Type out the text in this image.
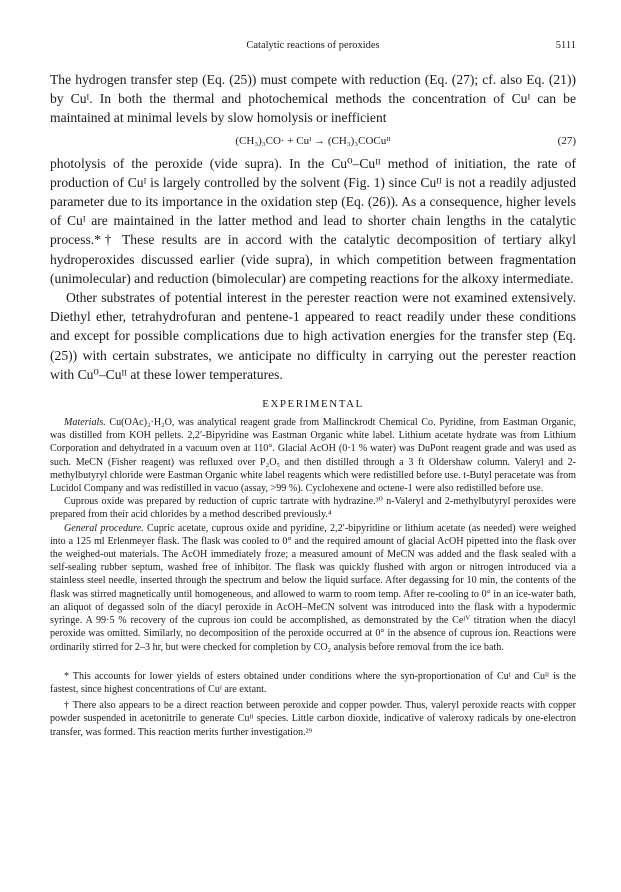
Catalytic reactions of peroxides	5111

The hydrogen transfer step (Eq. (25)) must compete with reduction (Eq. (27); cf. also Eq. (21)) by Cuᴵ. In both the thermal and photochemical methods the concentration of Cuᴵ can be maintained at minimal levels by slow homolysis or inefficient

(CH₃)₃CO· + Cuᴵ → (CH₃)₃COCuᴵᴵ	(27)

photolysis of the peroxide (vide supra). In the Cu⁰–Cuᴵᴵ method of initiation, the rate of production of Cuᴵ is largely controlled by the solvent (Fig. 1) since Cuᴵᴵ is not a readily adjusted parameter due to its importance in the oxidation step (Eq. (26)). As a consequence, higher levels of Cuᴵ are maintained in the latter method and lead to shorter chain lengths in the catalytic process.*† These results are in accord with the catalytic decomposition of tertiary alkyl hydroperoxides discussed earlier (vide supra), in which competition between fragmentation (unimolecular) and reduction (bimolecular) are competing reactions for the alkoxy intermediate.

Other substrates of potential interest in the perester reaction were not examined extensively. Diethyl ether, tetrahydrofuran and pentene-1 appeared to react readily under these conditions and except for possible complications due to high activation energies for the transfer step (Eq. (25)) with certain substrates, we anticipate no difficulty in carrying out the perester reaction with Cu⁰–Cuᴵᴵ at these lower temperatures.

EXPERIMENTAL

Materials. Cu(OAc)₂·H₂O, was analytical reagent grade from Mallinckrodt Chemical Co. Pyridine, from Eastman Organic, was distilled from KOH pellets. 2,2′-Bipyridine was Eastman Organic white label. Lithium acetate hydrate was from Lithium Corporation and dehydrated in a vacuum oven at 110°. Glacial AcOH (0·1 % water) was DuPont reagent grade and was used as such. MeCN (Fisher reagent) was refluxed over P₂O₅ and then distilled through a 3 ft Oldershaw column. Valeryl and 2-methylbutyryl chloride were Eastman Organic white label reagents which were redistilled before use. t-Butyl peracetate was from Lucidol Company and was redistilled in vacuo (assay, >99 %). Cyclohexene and octene-1 were also redistilled before use.

Cuprous oxide was prepared by reduction of cupric tartrate with hydrazine.³⁰ n-Valeryl and 2-methylbutyryl peroxides were prepared from their acid chlorides by a method described previously.⁴

General procedure. Cupric acetate, cuprous oxide and pyridine, 2,2′-bipyridine or lithium acetate (as needed) were weighed into a 125 ml Erlenmeyer flask. The flask was cooled to 0° and the required amount of glacial AcOH pipetted into the flask over the weighed-out materials. The AcOH immediately froze; a measured amount of MeCN was added and the flask sealed with a self-sealing rubber septum, washed free of inhibitor. The flask was quickly flushed with argon or nitrogen introduced via a stainless steel needle, inserted through the spectrum and below the liquid surface. After degassing for 10 min, the contents of the flask was stirred magnetically until homogeneous, and allowed to warm to room temp. After re-cooling to 0° in an ice-water bath, an aliquot of degassed soln of the diacyl peroxide in AcOH–MeCN solvent was introduced into the flask with a hypodermic syringe. A 99·5 % recovery of the cuprous ion could be accomplished, as demonstrated by the Ceᴵⱽ titration when the diacyl peroxide was omitted. Similarly, no decomposition of the peroxide occurred at 0° in the absence of cuprous ion. Reactions were ordinarily stirred for 2–3 hr, but were checked for completion by CO₂ analysis before removal from the ice bath.

* This accounts for lower yields of esters obtained under conditions where the syn-proportionation of Cuᴵ and Cuᴵᴵ is the fastest, since highest concentrations of Cuᴵ are extant.

† There also appears to be a direct reaction between peroxide and copper powder. Thus, valeryl peroxide reacts with copper powder suspended in acetonitrile to generate Cuᴵᴵ species. Little carbon dioxide, indicative of valeroxy radicals by one-electron transfer, was formed. This reaction merits further investigation.²⁹
